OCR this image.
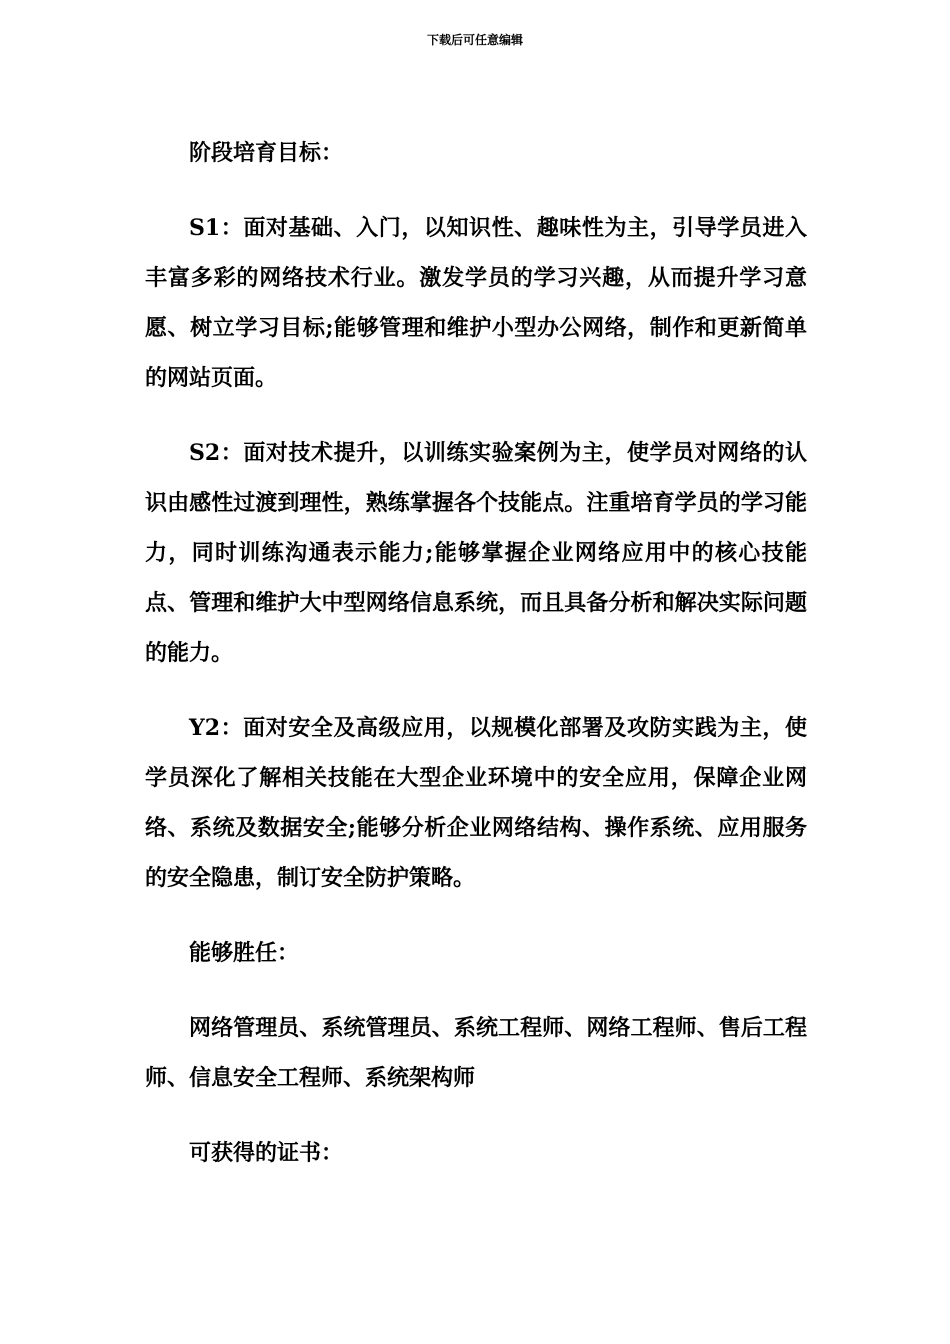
下载后可任意编辑

阶段培育目标：

S1：面对基础、入门，以知识性、趣味性为主，引导学员进入丰富多彩的网络技术行业。激发学员的学习兴趣，从而提升学习意愿、树立学习目标;能够管理和维护小型办公网络，制作和更新简单的网站页面。

S2：面对技术提升，以训练实验案例为主，使学员对网络的认识由感性过渡到理性，熟练掌握各个技能点。注重培育学员的学习能力，同时训练沟通表示能力;能够掌握企业网络应用中的核心技能点、管理和维护大中型网络信息系统，而且具备分析和解决实际问题的能力。

Y2：面对安全及高级应用，以规模化部署及攻防实践为主，使学员深化了解相关技能在大型企业环境中的安全应用，保障企业网络、系统及数据安全;能够分析企业网络结构、操作系统、应用服务的安全隐患，制订安全防护策略。

能够胜任：

网络管理员、系统管理员、系统工程师、网络工程师、售后工程师、信息安全工程师、系统架构师

可获得的证书：
